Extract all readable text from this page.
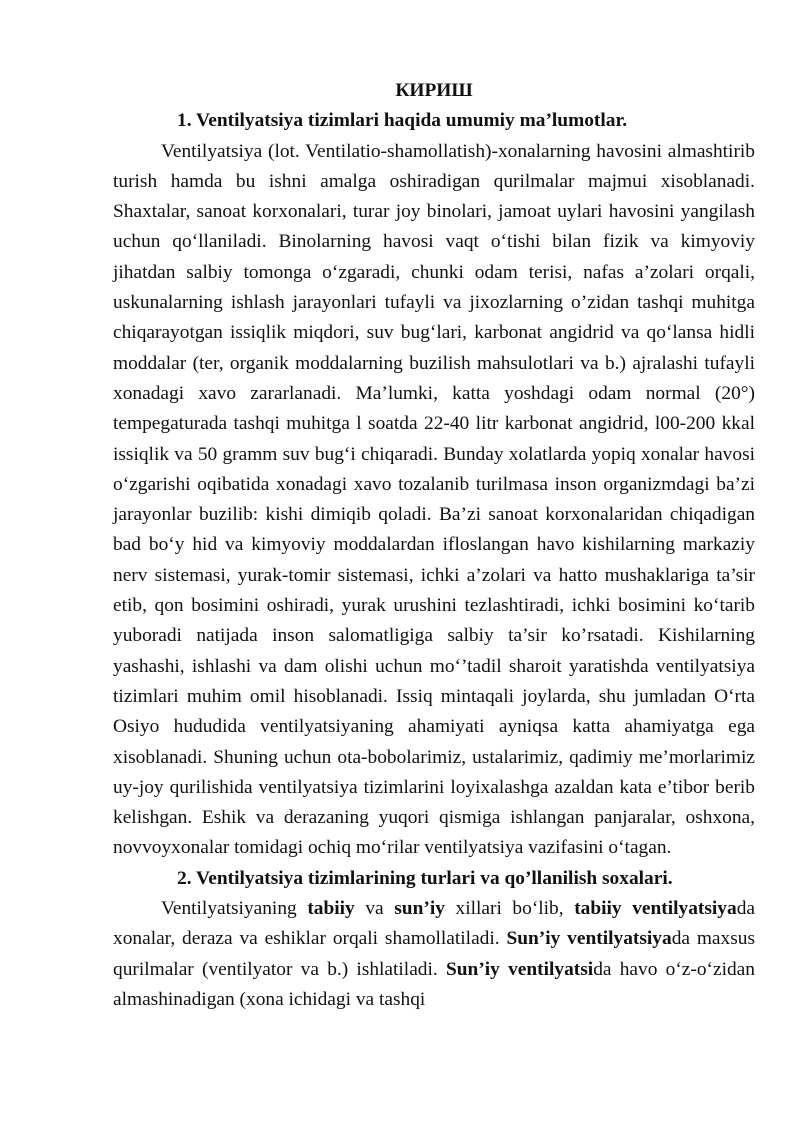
КИРИШ
1. Ventilyatsiya tizimlari haqida umumiy ma’lumotlar.

Ventilyatsiya (lot. Ventilatio-shamollatish)-xonalarning havosini almashtirib turish hamda bu ishni amalga oshiradigan qurilmalar majmui xisoblanadi. Shaxtalar, sanoat korxonalari, turar joy binolari, jamoat uylari havosini yangilash uchun qo‘llaniladi. Binolarning havosi vaqt o‘tishi bilan fizik va kimyoviy jihatdan salbiy tomonga o‘zgaradi, chunki odam terisi, nafas a’zolari orqali, uskunalarning ishlash jarayonlari tufayli va jixozlarning o’zidan tashqi muhitga chiqarayotgan issiqlik miqdori, suv bug‘lari, karbonat angidrid va qo‘lansa hidli moddalar (ter, organik moddalarning buzilish mahsulotlari va b.) ajralashi tufayli xonadagi xavo zararlanadi. Ma’lumki, katta yoshdagi odam normal (20°) tempegaturada tashqi muhitga l soatda 22-40 litr karbonat angidrid, l00-200 kkal issiqlik va 50 gramm suv bug‘i chiqaradi. Bunday xolatlarda yopiq xonalar havosi o‘zgarishi oqibatida xonadagi xavo tozalanib turilmasa inson organizmdagi ba’zi jarayonlar buzilib: kishi dimiqib qoladi. Ba’zi sanoat korxonalaridan chiqadigan bad bo‘y hid va kimyoviy moddalardan ifloslangan havo kishilarning markaziy nerv sistemasi, yurak-tomir sistemasi, ichki a’zolari va hatto mushaklariga ta’sir etib, qon bosimini oshiradi, yurak urushini tezlashtiradi, ichki bosimini ko‘tarib yuboradi natijada inson salomatligiga salbiy ta’sir ko’rsatadi. Kishilarning yashashi, ishlashi va dam olishi uchun mo‘’tadil sharoit yaratishda ventilyatsiya tizimlari muhim omil hisoblanadi. Issiq mintaqali joylarda, shu jumladan O‘rta Osiyo hududida ventilyatsiyaning ahamiyati ayniqsa katta ahamiyatga ega xisoblanadi. Shuning uchun ota-bobolarimiz, ustalarimiz, qadimiy me’morlarimiz uy-joy qurilishida ventilyatsiya tizimlarini loyixalashga azaldan kata e’tibor berib kelishgan. Eshik va derazaning yuqori qismiga ishlangan panjaralar, oshxona, novvoyxonalar tomidagi ochiq mo‘rilar ventilyatsiya vazifasini o‘tagan.

2. Ventilyatsiya tizimlarining turlari va qo’llanilish soxalari.

Ventilyatsiyaning tabiiy va sun’iy xillari bo‘lib, tabiiy ventilyatsiyada xonalar, deraza va eshiklar orqali shamollatiladi. Sun’iy ventilyatsiyada maxsus qurilmalar (ventilyator va b.) ishlatiladi. Sun’iy ventilyatsida havo o‘z-o‘zidan almashinadigan (xona ichidagi va tashqi
